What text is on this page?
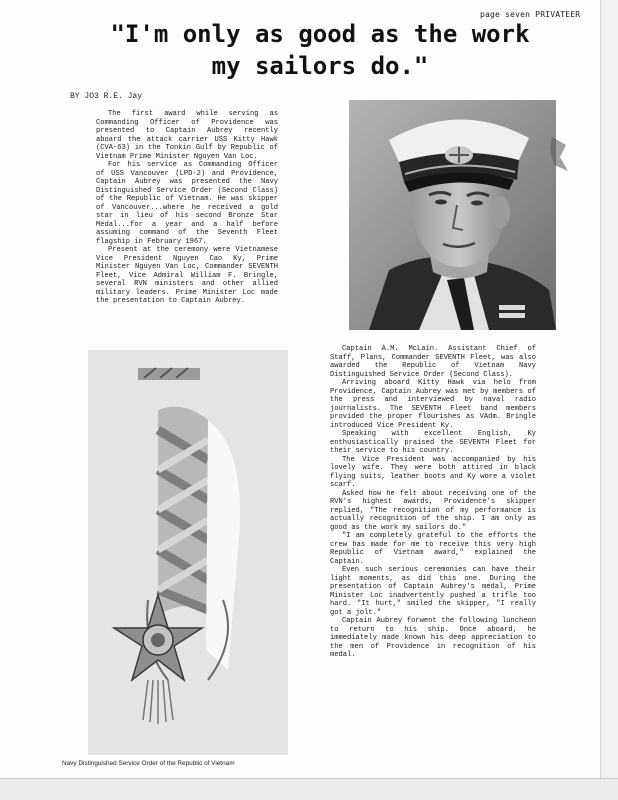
page seven PRIVATEER
"I'm only as good as the work
my sailors do."
BY JO3 R.E. Jay

The first award while serving as Commanding Officer of Providence was presented to Captain Aubrey recently aboard the attack carrier USS Kitty Hawk (CVA-63) in the Tonkin Gulf by Republic of Vietnam Prime Minister Nguyen Van Loc.

For his service as Commanding Officer of USS Vancouver (LPD-2) and Providence, Captain Aubrey was presented the Navy Distinguished Service Order (Second Class) of the Republic of Vietnam. He was skipper of Vancouver...where he received a gold star in lieu of his second Bronze Star Medal...for a year and a half before assuming command of the Seventh Fleet flagship in February 1967.

Present at the ceremony were Vietnamese Vice President Nguyen Cao Ky, Prime Minister Nguyen Van Loc, Commander SEVENTH Fleet, Vice Admiral William F. Bringle, several RVN ministers and other allied military leaders. Prime Minister Loc made the presentation to Captain Aubrey.

Navy Distinguished Service Order of the Republic of Vietnam

Captain A.M. McLain. Assistant Chief of Staff, Plans, Commander SEVENTH Fleet, was also awarded the Republic of Vietnam Navy Distinguished Service Order (Second Class).

Arriving aboard Kitty Hawk via helo from Providence, Captain Aubrey was met by members of the press and interviewed by naval radio journalists. The SEVENTH Fleet band members provided the proper flourishes as VAdm. Bringle introduced Vice President Ky.

Speaking with excellent English, Ky enthusiastically praised the SEVENTH Fleet for their service to his country.

The Vice President was accompanied by his lovely wife. They were both attired in black flying suits, leather boots and Ky wore a violet scarf.

Asked how he felt about receiving one of the RVN's highest awards, Providence's skipper replied, "The recognition of my performance is actually recognition of the ship. I am only as good as the work my sailors do."

"I am completely grateful to the efforts the crew has made for me to receive this very high Republic of Vietnam award," explained the Captain.

Even such serious ceremonies can have their light moments, as did this one. During the presentation of Captain Aubrey's medal, Prime Minister Loc inadvertently pushed a trifle too hard. "It hurt," smiled the skipper, "I really got a jolt."

Captain Aubrey forwent the following luncheon to return to his ship. Once aboard, he immediately made known his deep appreciation to the men of Providence in recognition of his medal.
